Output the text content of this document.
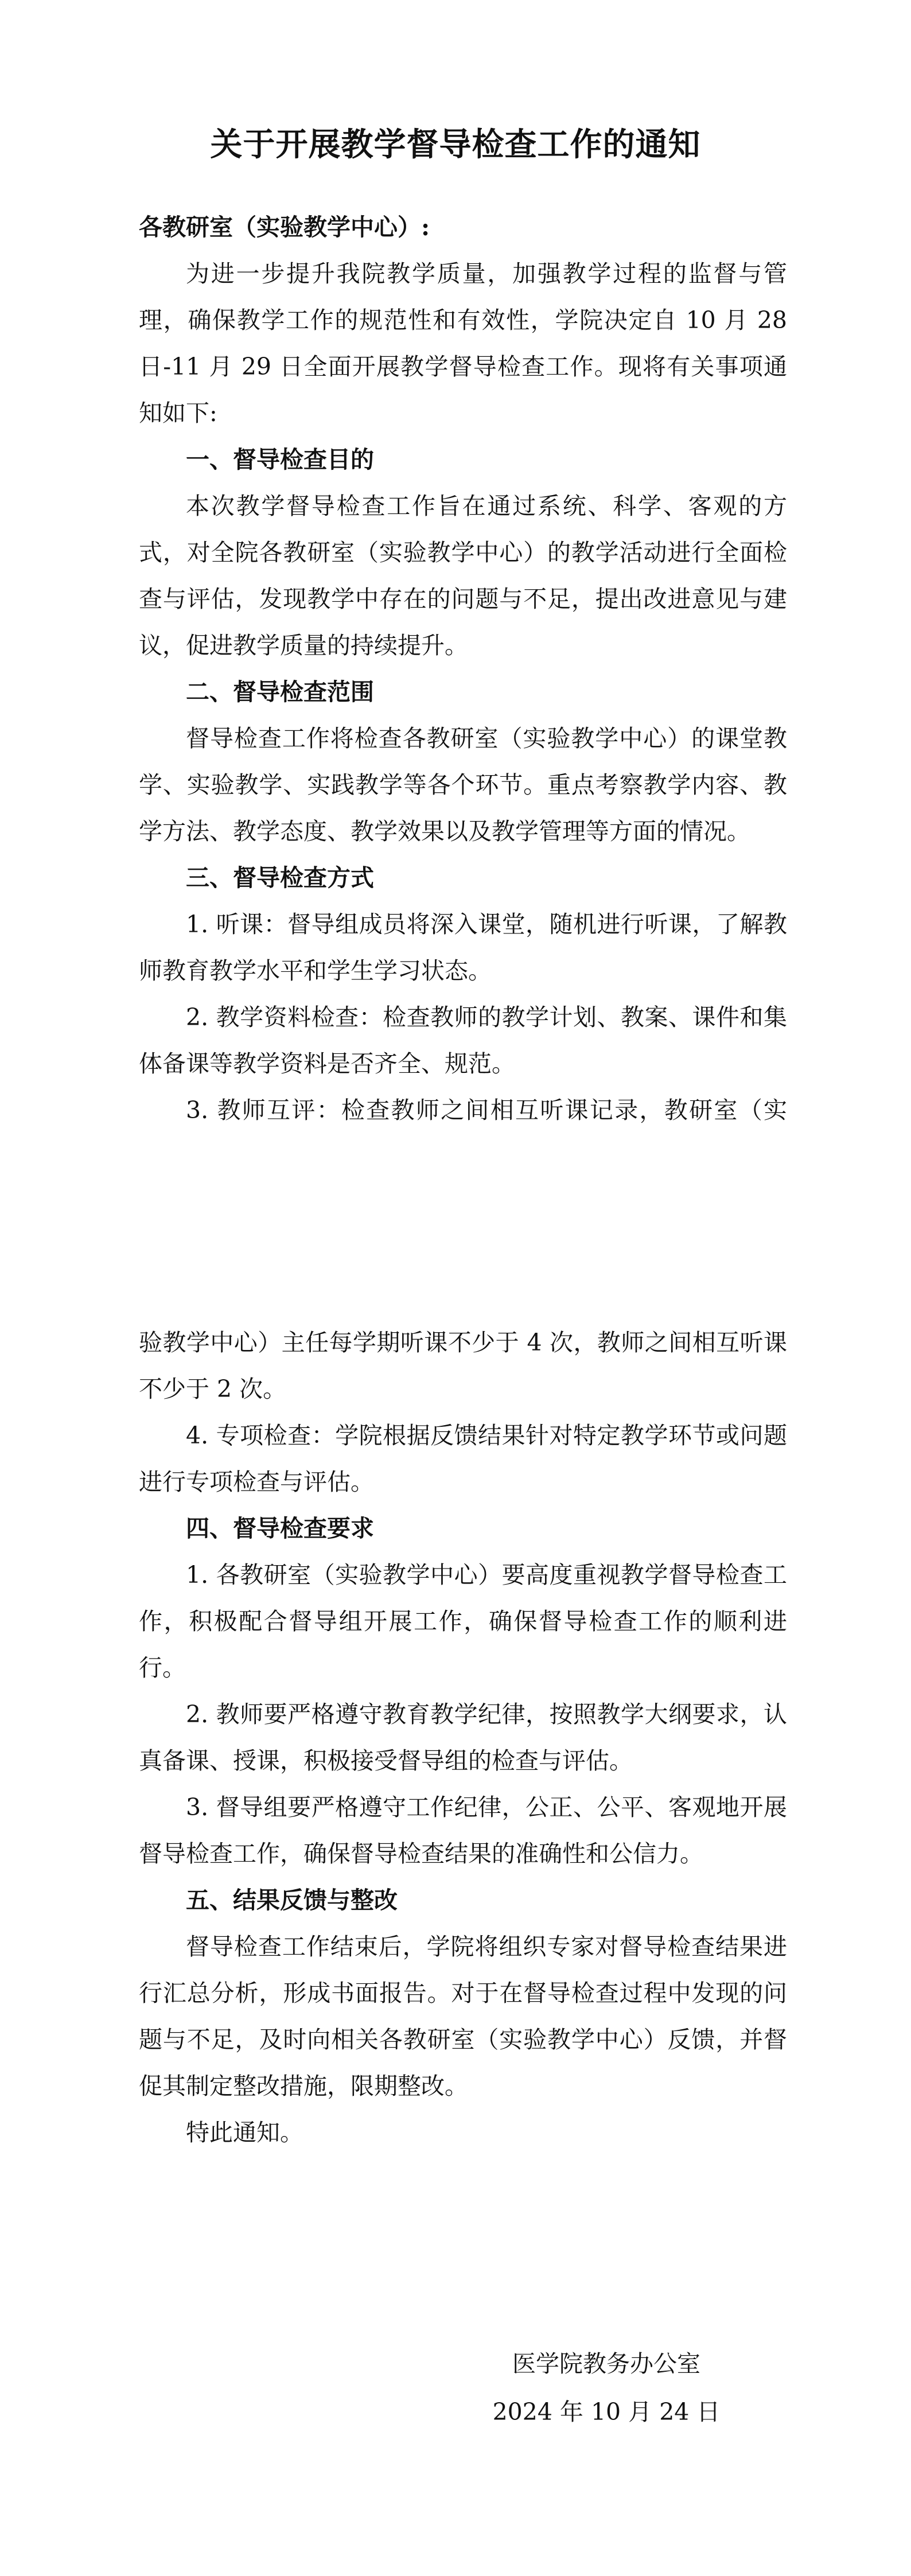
关于开展教学督导检查工作的通知

各教研室（实验教学中心）:

为进一步提升我院教学质量，加强教学过程的监督与管理，确保教学工作的规范性和有效性，学院决定自 10 月 28 日-11 月 29 日全面开展教学督导检查工作。现将有关事项通知如下:

一、督导检查目的

本次教学督导检查工作旨在通过系统、科学、客观的方式，对全院各教研室（实验教学中心）的教学活动进行全面检查与评估，发现教学中存在的问题与不足，提出改进意见与建议，促进教学质量的持续提升。

二、督导检查范围

督导检查工作将检查各教研室（实验教学中心）的课堂教学、实验教学、实践教学等各个环节。重点考察教学内容、教学方法、教学态度、教学效果以及教学管理等方面的情况。

三、督导检查方式

1. 听课：督导组成员将深入课堂，随机进行听课，了解教师教育教学水平和学生学习状态。

2. 教学资料检查：检查教师的教学计划、教案、课件和集体备课等教学资料是否齐全、规范。

3. 教师互评：检查教师之间相互听课记录，教研室（实

验教学中心）主任每学期听课不少于 4 次，教师之间相互听课不少于 2 次。

4. 专项检查：学院根据反馈结果针对特定教学环节或问题进行专项检查与评估。

四、督导检查要求

1. 各教研室（实验教学中心）要高度重视教学督导检查工作，积极配合督导组开展工作，确保督导检查工作的顺利进行。

2. 教师要严格遵守教育教学纪律，按照教学大纲要求，认真备课、授课，积极接受督导组的检查与评估。

3. 督导组要严格遵守工作纪律，公正、公平、客观地开展督导检查工作，确保督导检查结果的准确性和公信力。

五、结果反馈与整改

督导检查工作结束后，学院将组织专家对督导检查结果进行汇总分析，形成书面报告。对于在督导检查过程中发现的问题与不足，及时向相关各教研室（实验教学中心）反馈，并督促其制定整改措施，限期整改。

特此通知。

医学院教务办公室

2024 年 10 月 24 日
